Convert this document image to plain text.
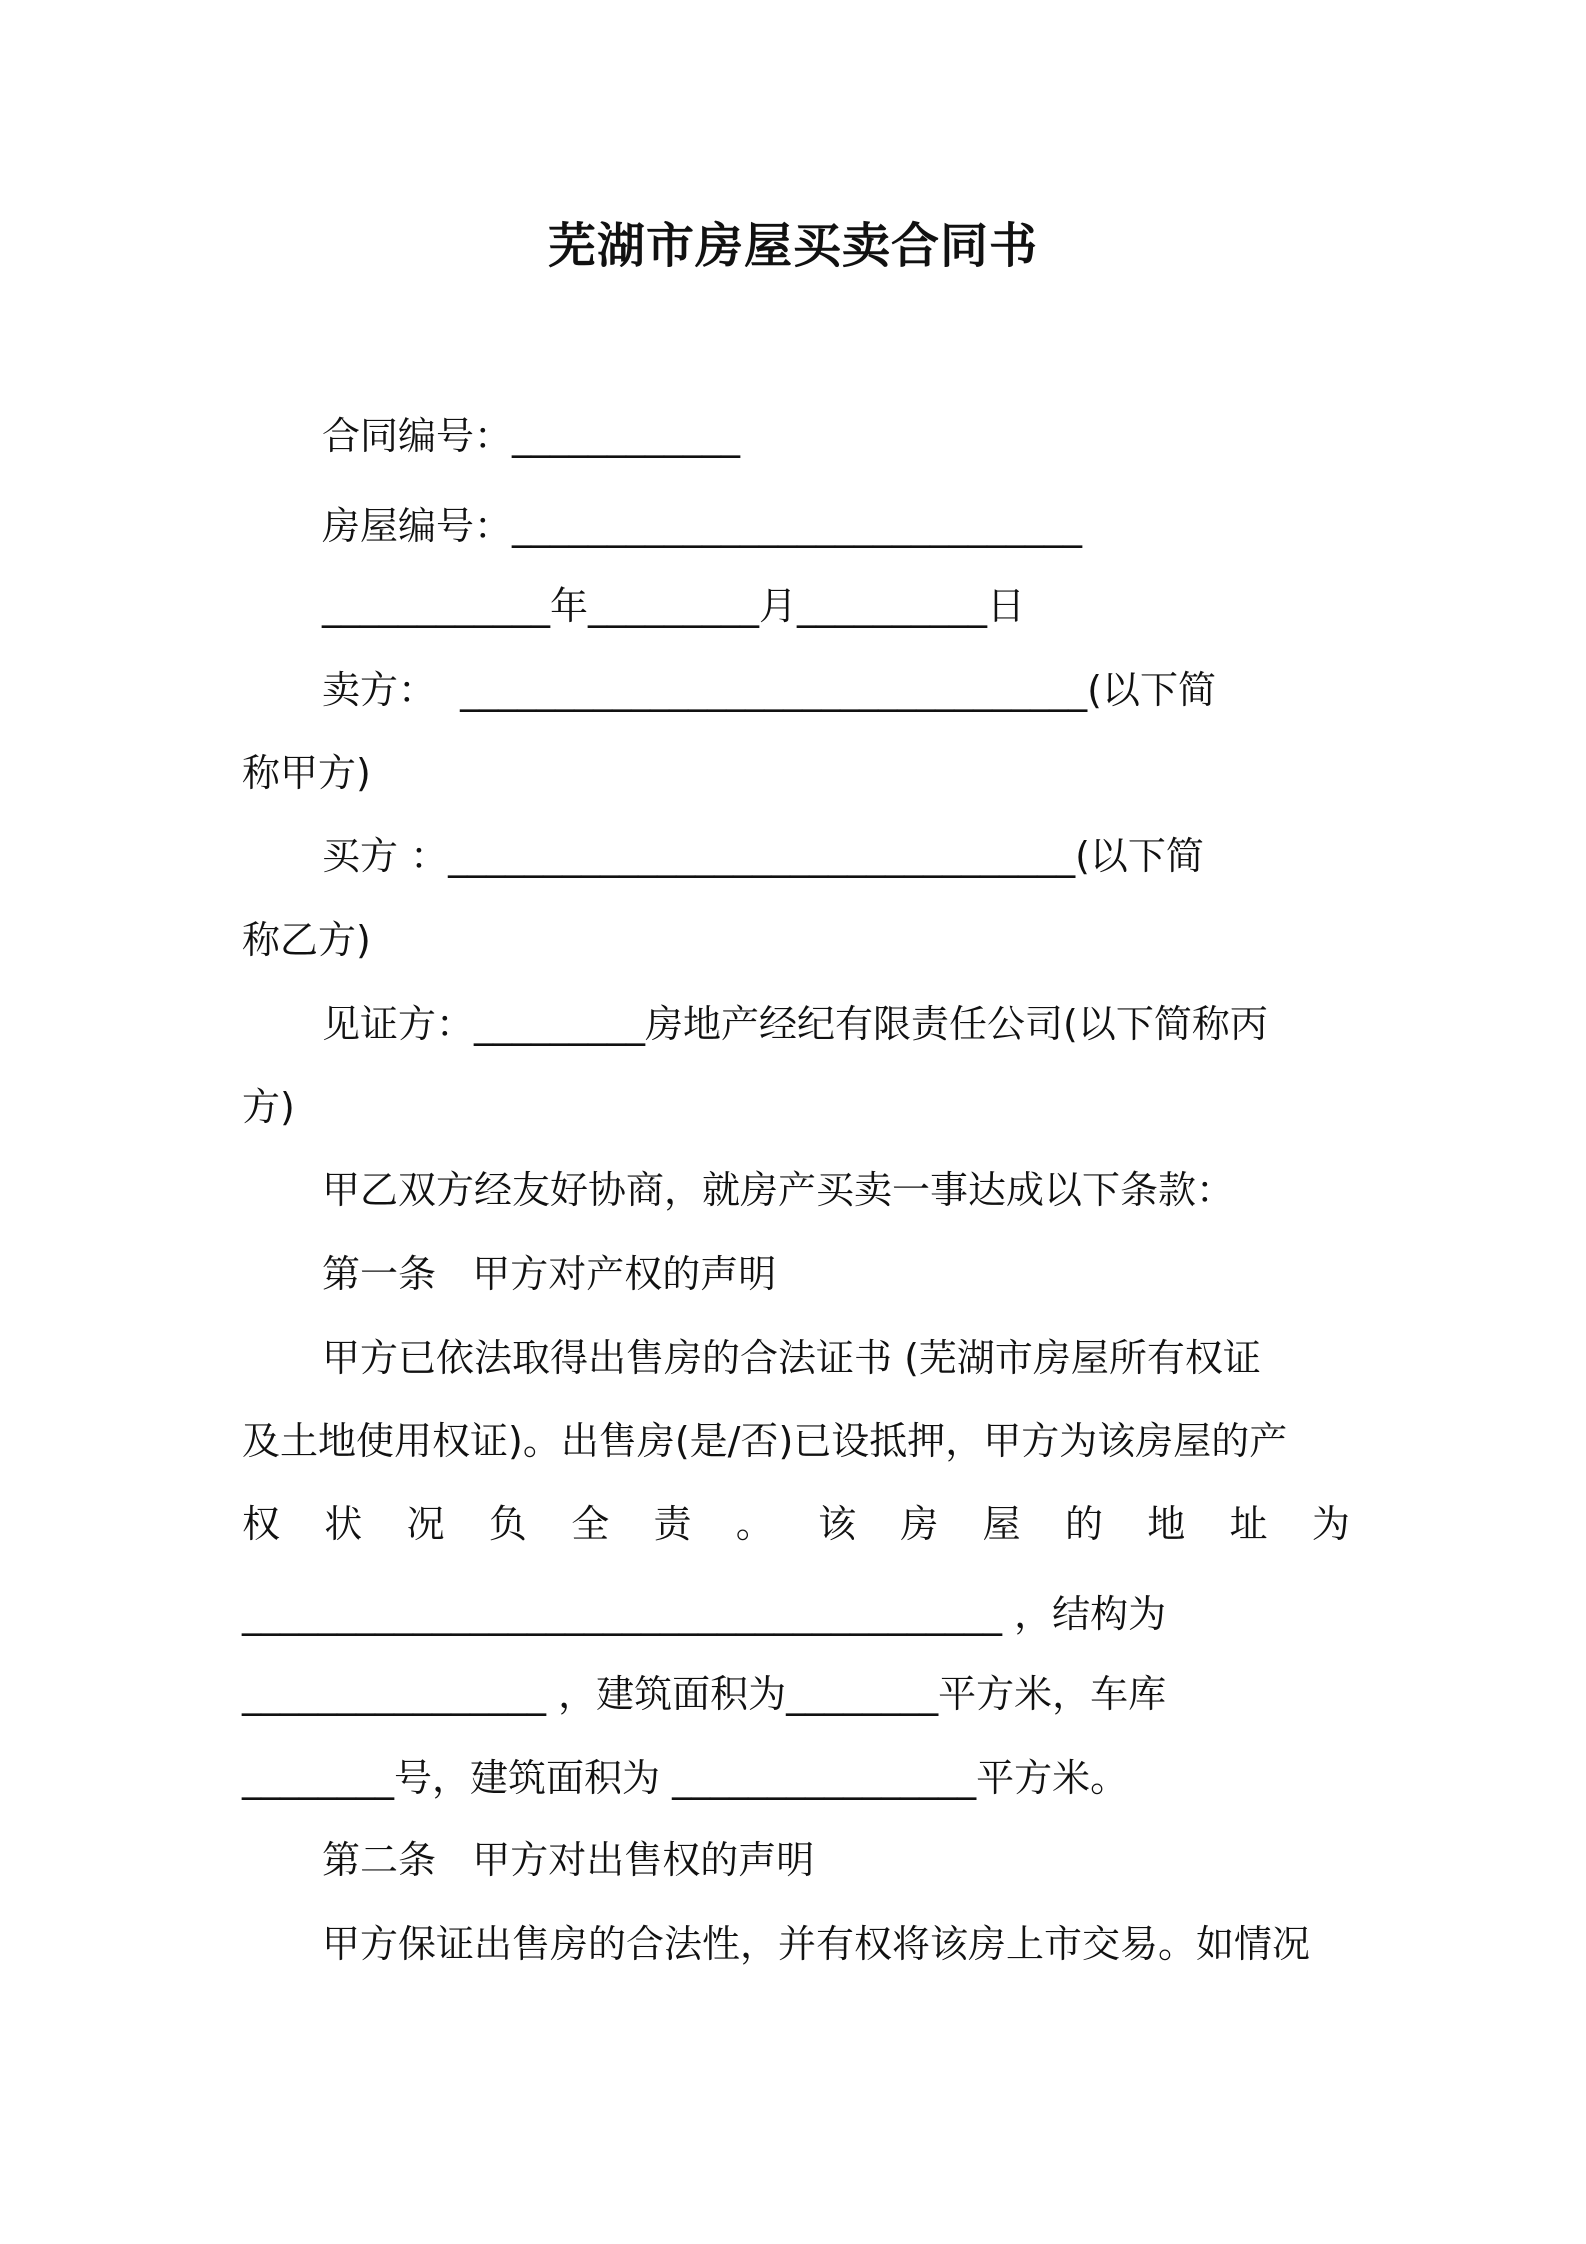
芜湖市房屋买卖合同书
合同编号：____________
房屋编号：______________________________
____________年_________月__________日
卖方：  _________________________________(以下简
称甲方)
买方 ：_________________________________(以下简
称乙方)
见证方：_________房地产经纪有限责任公司(以下简称丙
方)
甲乙双方经友好协商，就房产买卖一事达成以下条款：
第一条   甲方对产权的声明
甲方已依法取得出售房的合法证书 (芜湖市房屋所有权证
及土地使用权证)。出售房(是/否)已设抵押，甲方为该房屋的产
权 状 况 负 全 责 。 该 房 屋 的 地 址 为
________________________________________ ，结构为
________________ ，建筑面积为________平方米，车库
________号，建筑面积为 ________________平方米。
第二条   甲方对出售权的声明
甲方保证出售房的合法性，并有权将该房上市交易。如情况
